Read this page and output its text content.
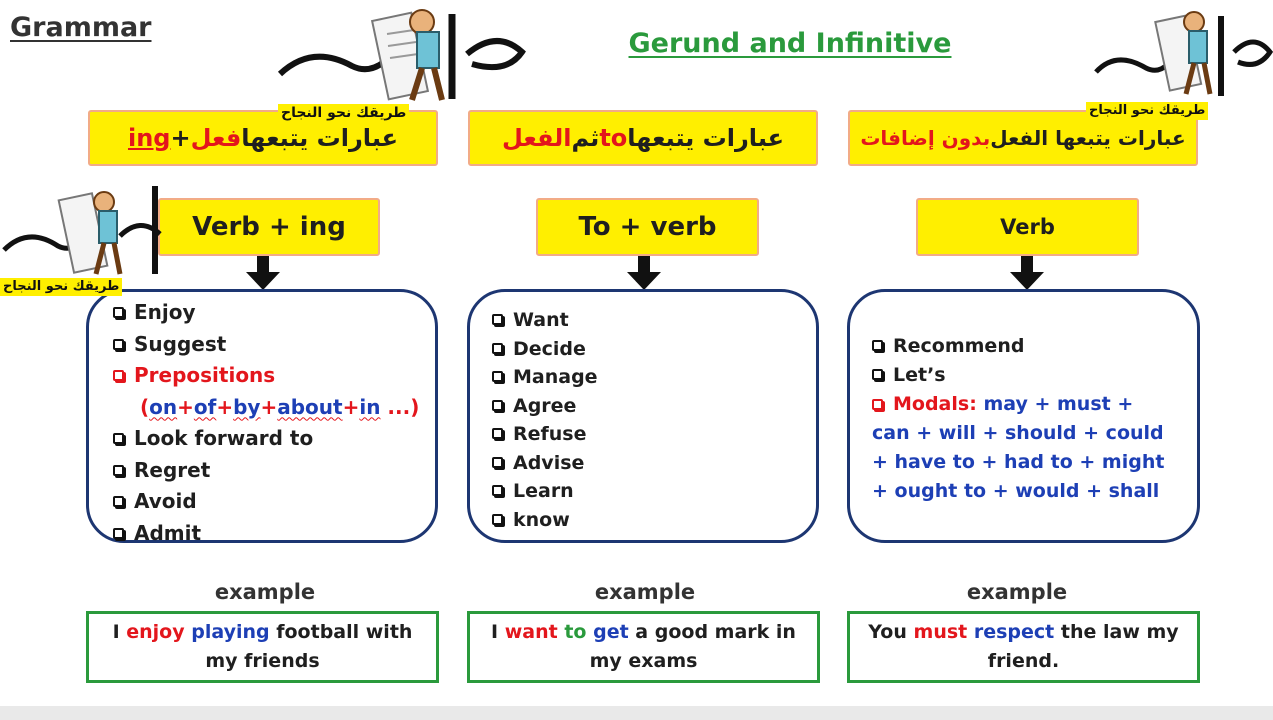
Grammar
Gerund and Infinitive
عبارات يتبعها
فعل
+
ing	عبارات يتبعها
to
ثم
الفعل	عبارات يتبعها الفعل
بدون إضافات
Verb + ing	To + verb	Verb
Enjoy
Suggest
Prepositions
( on + of + by + about + in
... )
Look forward to
Regret
Avoid
Admit
Want
Decide
Manage
Agree
Refuse
Advise
Learn
know
Recommend
Let’s
Modals: may + must + can + will + should + could + have to + had to + might + ought to + would + shall
example	example	example
I enjoy playing football with my friends
I want to get a good mark in my exams
You must respect the law my friend.
طريقك نحو النجاح	طريقك نحو النجاح
طريقك نحو النجاح
